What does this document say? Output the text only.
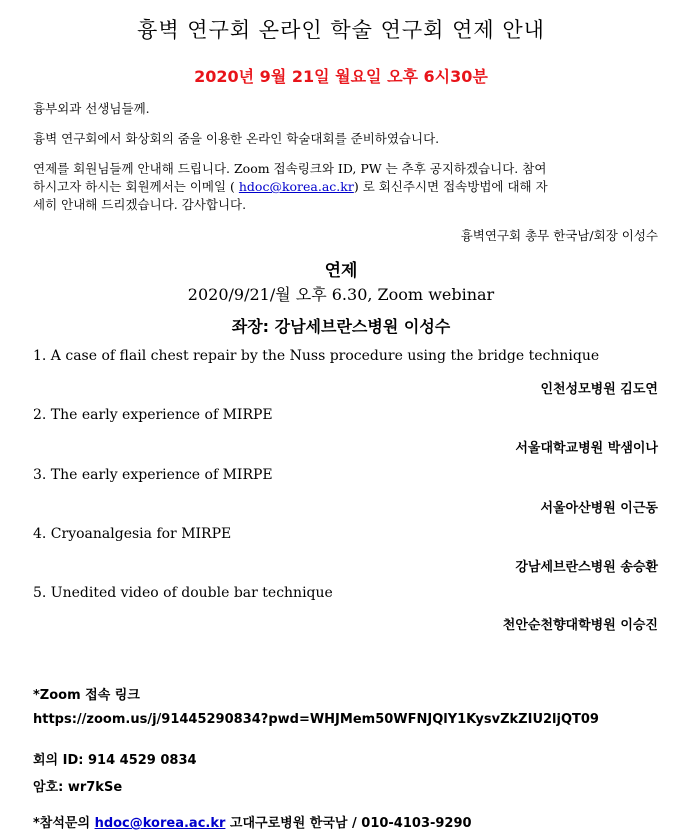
흉벽 연구회 온라인 학술 연구회 연제 안내
2020년 9월 21일 월요일 오후 6시30분
흉부외과 선생님들께.
흉벽 연구회에서 화상회의 줌을 이용한 온라인 학술대회를 준비하였습니다.
연제를 회원님들께 안내해 드립니다. Zoom 접속링크와 ID, PW 는 추후 공지하겠습니다. 참여
하시고자 하시는 회원께서는 이메일 ( hdoc@korea.ac.kr) 로 회신주시면 접속방법에 대해 자
세히 안내해 드리겠습니다. 감사합니다.
흉벽연구회 총무 한국남/회장 이성수
연제
2020/9/21/월 오후 6.30, Zoom webinar
좌장: 강남세브란스병원 이성수
1. A case of flail chest repair by the Nuss procedure using the bridge technique
인천성모병원 김도연
2. The early experience of MIRPE
서울대학교병원 박샘이나
3. The early experience of MIRPE
서울아산병원 이근동
4. Cryoanalgesia for MIRPE
강남세브란스병원 송승환
5. Unedited video of double bar technique
천안순천향대학병원 이승진
*Zoom 접속 링크
https://zoom.us/j/91445290834?pwd=WHJMem50WFNJQlY1KysvZkZIU2ljQT09
회의 ID: 914 4529 0834
암호: wr7kSe
*참석문의 hdoc@korea.ac.kr 고대구로병원 한국남 / 010-4103-9290
